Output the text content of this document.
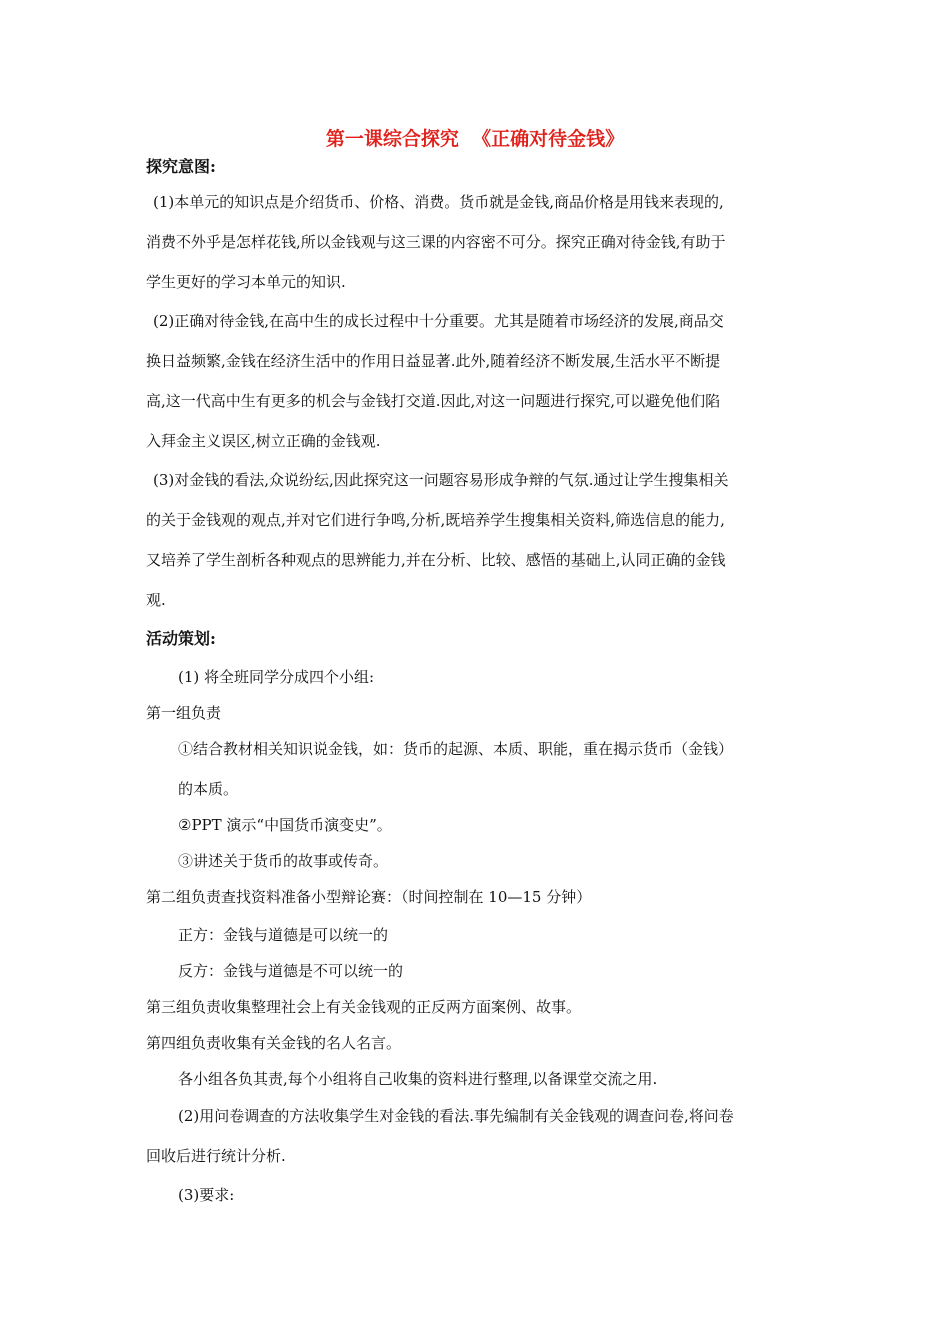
第一课综合探究  《正确对待金钱》
探究意图:
(1)本单元的知识点是介绍货币、价格、消费。货币就是金钱,商品价格是用钱来表现的,
消费不外乎是怎样花钱,所以金钱观与这三课的内容密不可分。探究正确对待金钱,有助于
学生更好的学习本单元的知识.
(2)正确对待金钱,在高中生的成长过程中十分重要。尤其是随着市场经济的发展,商品交
换日益频繁,金钱在经济生活中的作用日益显著.此外,随着经济不断发展,生活水平不断提
高,这一代高中生有更多的机会与金钱打交道.因此,对这一问题进行探究,可以避免他们陷
入拜金主义误区,树立正确的金钱观.
(3)对金钱的看法,众说纷纭,因此探究这一问题容易形成争辩的气氛.通过让学生搜集相关
的关于金钱观的观点,并对它们进行争鸣,分析,既培养学生搜集相关资料,筛选信息的能力,
又培养了学生剖析各种观点的思辨能力,并在分析、比较、感悟的基础上,认同正确的金钱
观.
活动策划:
(1) 将全班同学分成四个小组:
第一组负责
①结合教材相关知识说金钱，如：货币的起源、本质、职能，重在揭示货币（金钱）
的本质。
②PPT 演示“中国货币演变史”。
③讲述关于货币的故事或传奇。
第二组负责查找资料准备小型辩论赛：（时间控制在 10—15 分钟）
正方：金钱与道德是可以统一的
反方：金钱与道德是不可以统一的
第三组负责收集整理社会上有关金钱观的正反两方面案例、故事。
第四组负责收集有关金钱的名人名言。
各小组各负其责,每个小组将自己收集的资料进行整理,以备课堂交流之用.
(2)用问卷调查的方法收集学生对金钱的看法.事先编制有关金钱观的调查问卷,将问卷
回收后进行统计分析.
(3)要求:
